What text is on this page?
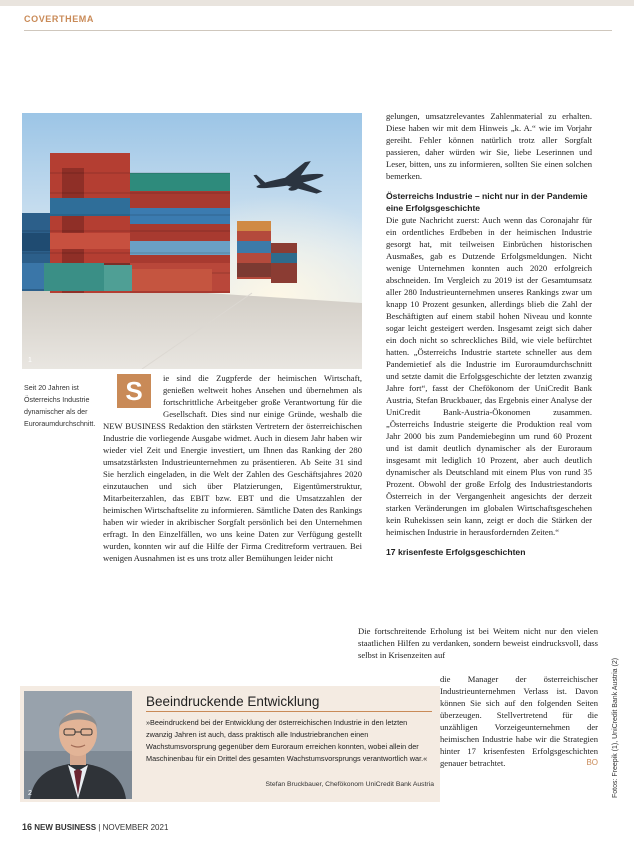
COVERTHEMA
1
Seit 20 Jahren ist Österreichs Industrie dynamischer als der Euroraumdurchschnitt.
S	ie sind die Zugpferde der heimischen Wirtschaft, genießen weltweit hohes Ansehen und übernehmen als fortschrittliche Arbeitgeber große Verantwortung für die Gesellschaft. Dies sind nur einige Gründe, weshalb die NEW BUSINESS Redaktion den stärksten Vertretern der österreichischen Industrie die vorliegende Ausgabe widmet. Auch in diesem Jahr haben wir wieder viel Zeit und Energie investiert, um Ihnen das Ranking der 280 umsatzstärksten Industrieunternehmen zu präsentieren. Ab Seite 31 sind Sie herzlich eingeladen, in die Welt der Zahlen des Geschäftsjahres 2020 einzutauchen und sich über Platzierungen, Eigentümerstruktur, Mitarbeiterzahlen, das EBIT bzw. EBT und die Umsatzzahlen der heimischen Wirtschaftselite zu informieren. Sämtliche Daten des Rankings haben wir wieder in akribischer Sorgfalt persönlich bei den Unternehmen erfragt. In den Einzelfällen, wo uns keine Daten zur Verfügung gestellt wurden, konnten wir auf die Hilfe der Firma Creditreform vertrauen. Bei wenigen Ausnahmen ist es uns trotz aller Bemühungen leider nicht

gelungen, umsatzrelevantes Zahlenmaterial zu erhalten. Diese haben wir mit dem Hinweis „k. A.“ wie im Vorjahr gereiht. Fehler können natürlich trotz aller Sorgfalt passieren, daher würden wir Sie, liebe Leserinnen und Leser, bitten, uns zu informieren, sollten Sie einen solchen bemerken.

Österreichs Industrie – nicht nur in der Pandemie eine Erfolgsgeschichte

Die gute Nachricht zuerst: Auch wenn das Coronajahr für ein ordentliches Erdbeben in der heimischen Industrie gesorgt hat, mit teilweisen Einbrüchen historischen Ausmaßes, gab es Dutzende Erfolgsmeldungen. Nicht wenige Unternehmen konnten auch 2020 erfolgreich abschneiden. Im Vergleich zu 2019 ist der Gesamtumsatz aller 280 Industrieunternehmen unseres Rankings zwar um knapp 10 Prozent gesunken, allerdings blieb die Zahl der Beschäftigten auf einem stabil hohen Niveau und konnte sogar leicht gesteigert werden. Insgesamt zeigt sich daher ein doch nicht so schreckliches Bild, wie viele befürchtet hatten. „Österreichs Industrie startete schneller aus dem Pandemietief als die Industrie im Euroraumdurchschnitt und setzte damit die Erfolgsgeschichte der letzten zwanzig Jahre fort“, fasst der Chefökonom der UniCredit Bank Austria, Stefan Bruckbauer, das Ergebnis einer Analyse der UniCredit Bank-Austria-Ökonomen zusammen. „Österreichs Industrie steigerte die Produktion real vom Jahr 2000 bis zum Pandemiebeginn um rund 60 Prozent und ist damit deutlich dynamischer als der Euroraum insgesamt mit lediglich 10 Prozent, aber auch deutlich dynamischer als Deutschland mit einem Plus von rund 35 Prozent. Obwohl der große Erfolg des Industriestandorts Österreich in der Vergangenheit angesichts der derzeit starken Veränderungen im globalen Wirtschaftsgeschehen kein Ruhekissen sein kann, zeigt er doch die Stärken der heimischen Industrie in herausfordernden Zeiten.“

17 krisenfeste Erfolgsgeschichten

Die fortschreitende Erholung ist bei Weitem nicht nur den vielen staatlichen Hilfen zu verdanken, sondern beweist eindrucksvoll, dass selbst in Krisenzeiten auf

die Manager der österreichischer Industrieunternehmen Verlass ist. Davon können Sie sich auf den folgenden Seiten überzeugen. Stellvertretend für die unzähligen Vorzeigeunternehmen der heimischen Industrie habe wir die Strategien hinter 17 krisenfesten Erfolgsgeschichten genauer betrachtet.	BO

2
Beeindruckende Entwicklung
»Beeindruckend bei der Entwicklung der österreichischen Industrie in den letzten zwanzig Jahren ist auch, dass praktisch alle Industriebranchen einen Wachstumsvorsprung gegenüber dem Euroraum erreichen konnten, wobei allein der Maschinenbau für ein Drittel des gesamten Wachstumsvorsprungs verantwortlich war.«
Stefan Bruckbauer, Chefökonom UniCredit Bank Austria
16 NEW BUSINESS | NOVEMBER 2021
Fotos: Freepik (1), UniCredit Bank Austria (2)
